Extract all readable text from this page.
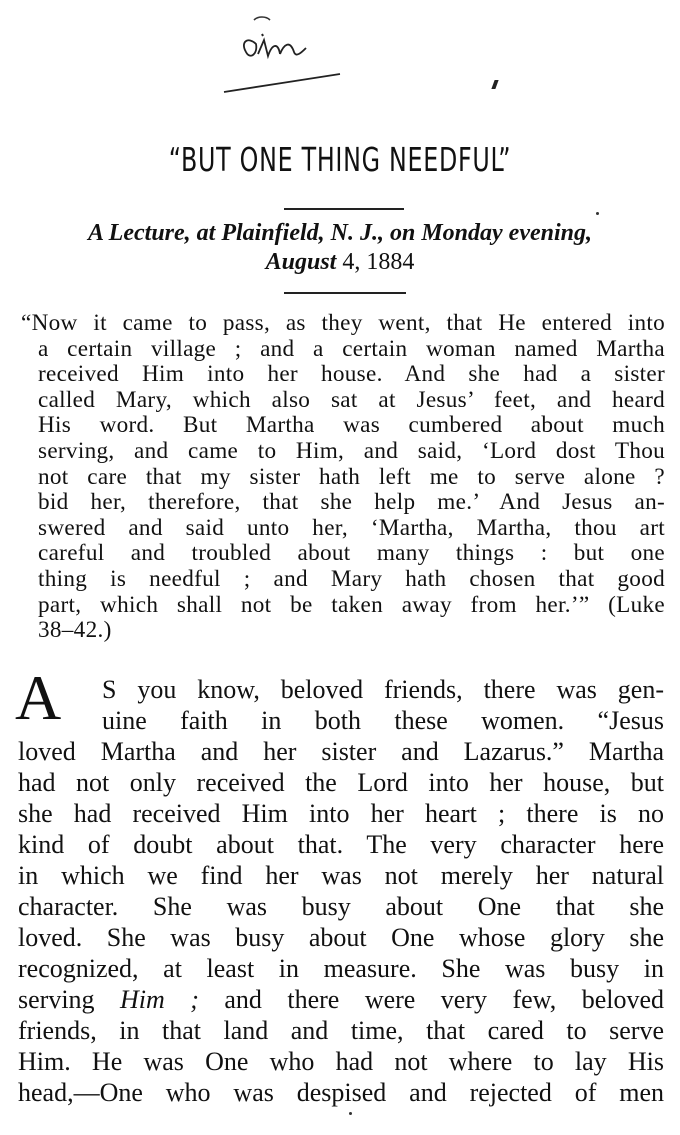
“BUT ONE THING NEEDFUL”
A Lecture, at Plainfield, N. J., on Monday evening,
August 4, 1884
“Now it came to pass, as they went, that He entered into
a certain village ; and a certain woman named Martha
received Him into her house. And she had a sister
called Mary, which also sat at Jesus’ feet, and heard
His word. But Martha was cumbered about much
serving, and came to Him, and said, ‘Lord dost Thou
not care that my sister hath left me to serve alone ?
bid her, therefore, that she help me.’ And Jesus an-
swered and said unto her, ‘Martha, Martha, thou art
careful and troubled about many things : but one
thing is needful ; and Mary hath chosen that good
part, which shall not be taken away from her.’” (Luke
38–42.)
A	S you know, beloved friends, there was gen-
uine faith in both these women. “Jesus
loved Martha and her sister and Lazarus.” Martha
had not only received the Lord into her house, but
she had received Him into her heart ; there is no
kind of doubt about that. The very character here
in which we find her was not merely her natural
character. She was busy about One that she
loved. She was busy about One whose glory she
recognized, at least in measure. She was busy in
serving Him ; and there were very few, beloved
friends, in that land and time, that cared to serve
Him. He was One who had not where to lay His
head,—One who was despised and rejected of men
